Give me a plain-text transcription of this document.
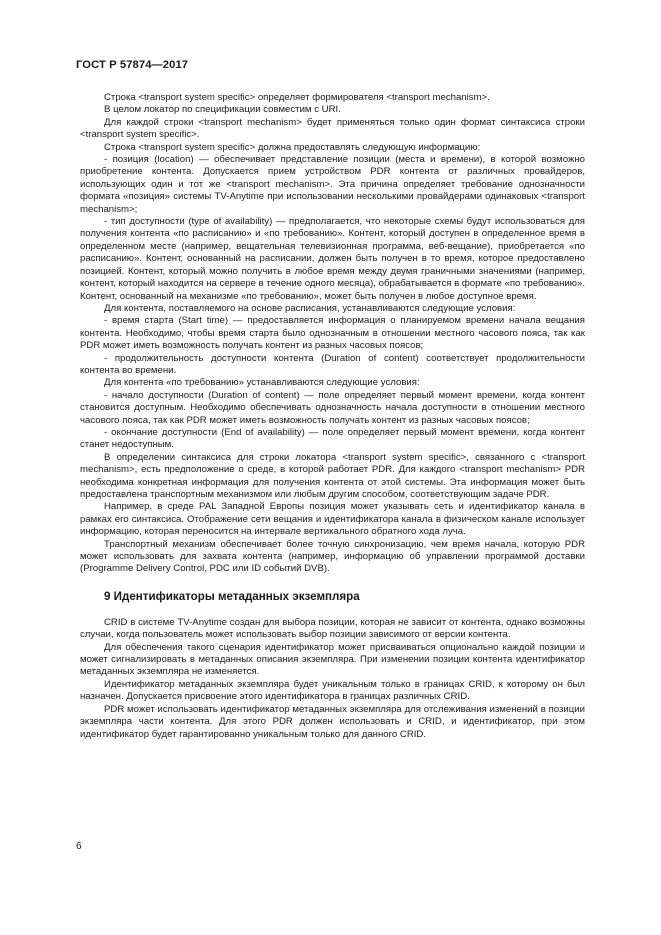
ГОСТ Р 57874—2017

Строка <transport system specific> определяет формирователя <transport mechanism>.

В целом локатор по спецификации совместим с URI.

Для каждой строки <transport mechanism> будет применяться только один формат синтаксиса строки <transport system specific>.

Строка <transport system specific> должна предоставлять следующую информацию:

- позиция (location) — обеспечивает представление позиции (места и времени), в которой возможно приобретение контента. Допускается прием устройством PDR контента от различных провайдеров, использующих один и тот же <transport mechanism>. Эта причина определяет требование однозначности формата «позиция» системы TV-Anytime при использовании несколькими провайдерами одинаковых <transport mechanism>;

- тип доступности (type of availability) — предполагается, что некоторые схемы будут использоваться для получения контента «по расписанию» и «по требованию». Контент, который доступен в определенное время в определенном месте (например, вещательная телевизионная программа, веб-вещание), приобретается «по расписанию». Контент, основанный на расписании, должен быть получен в то время, которое предоставлено позицией. Контент, который можно получить в любое время между двумя граничными значениями (например, контент, который находится на сервере в течение одного месяца), обрабатывается в формате «по требованию». Контент, основанный на механизме «по требованию», может быть получен в любое доступное время.

Для контента, поставляемого на основе расписания, устанавливаются следующие условия:

- время старта (Start time) — предоставляется информация о планируемом времени начала вещания контента. Необходимо, чтобы время старта было однозначным в отношении местного часового пояса, так как PDR может иметь возможность получать контент из разных часовых поясов;

- продолжительность доступности контента (Duration of content) соответствует продолжительности контента во времени.

Для контента «по требованию» устанавливаются следующие условия:

- начало доступности (Duration of content) — поле определяет первый момент времени, когда контент становится доступным. Необходимо обеспечивать однозначность начала доступности в отношении местного часового пояса, так как PDR может иметь возможность получать контент из разных часовых поясов;

- окончание доступности (End of availability) — поле определяет первый момент времени, когда контент станет недоступным.

В определении синтаксиса для строки локатора <transport system specific>, связанного с <transport mechanism>, есть предположение о среде, в которой работает PDR. Для каждого <transport mechanism> PDR необходима конкретная информация для получения контента от этой системы. Эта информация может быть предоставлена транспортным механизмом или любым другим способом, соответствующим задаче PDR.

Например, в среде PAL Западной Европы позиция может указывать сеть и идентификатор канала в рамках его синтаксиса. Отображение сети вещания и идентификатора канала в физическом канале использует информацию, которая переносится на интервале вертикального обратного хода луча.

Транспортный механизм обеспечивает более точную синхронизацию, чем время начала, которую PDR может использовать для захвата контента (например, информацию об управлении программой доставки (Programme Delivery Control, PDC или ID событий DVB).

9 Идентификаторы метаданных экземпляра

CRID в системе TV-Anytime создан для выбора позиции, которая не зависит от контента, однако возможны случаи, когда пользователь может использовать выбор позиции зависимого от версии контента.

Для обеспечения такого сценария идентификатор может присваиваться опционально каждой позиции и может сигнализировать в метаданных описания экземпляра. При изменении позиции контента идентификатор метаданных экземпляра не изменяется.

Идентификатор метаданных экземпляра будет уникальным только в границах CRID, к которому он был назначен. Допускается присвоение этого идентификатора в границах различных CRID.

PDR может использовать идентификатор метаданных экземпляра для отслеживания изменений в позиции экземпляра части контента. Для этого PDR должен использовать и CRID, и идентификатор, при этом идентификатор будет гарантированно уникальным только для данного CRID.

6
